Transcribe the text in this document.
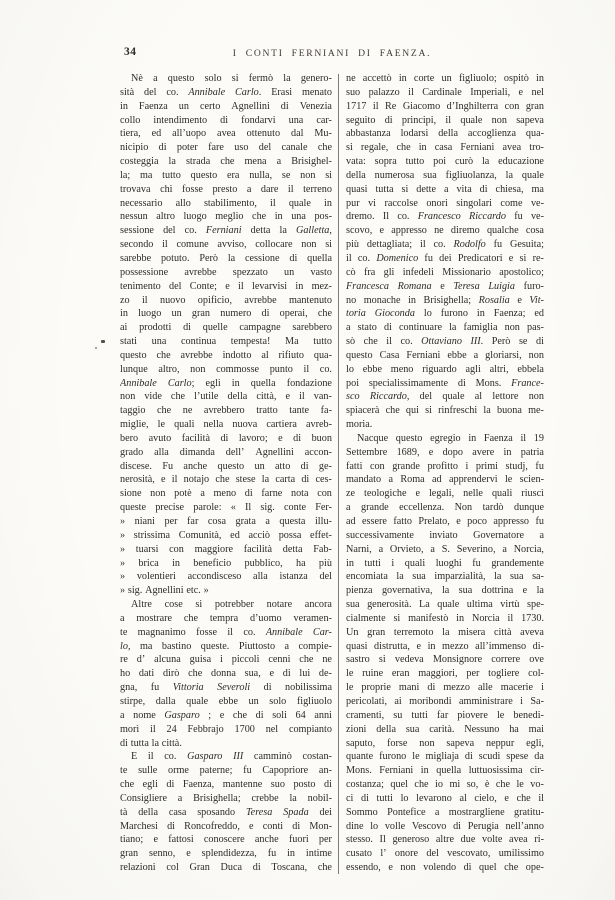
34	I CONTI FERNIANI DI FAENZA.
Nè a questo solo si fermò la genero-
sità del co. Annibale Carlo. Erasi menato
in Faenza un certo Agnellini di Venezia
collo intendimento di fondarvi una car-
tiera, ed all’uopo avea ottenuto dal Mu-
nicipio di poter fare uso del canale che
costeggia la strada che mena a Brisighel-
la; ma tutto questo era nulla, se non si
trovava chi fosse presto a dare il terreno
necessario allo stabilimento, il quale in
nessun altro luogo meglio che in una pos-
sessione del co. Ferniani detta la Galletta,
secondo il comune avviso, collocare non si
sarebbe potuto. Però la cessione di quella
possessione avrebbe spezzato un vasto
tenimento del Conte; e il levarvisi in mez-
zo il nuovo opificio, avrebbe mantenuto
in luogo un gran numero di operai, che
ai prodotti di quelle campagne sarebbero
stati una continua tempesta! Ma tutto
questo che avrebbe indotto al rifiuto qua-
lunque altro, non commosse punto il co.
Annibale Carlo; egli in quella fondazione
non vide che l’utile della città, e il van-
taggio che ne avrebbero tratto tante fa-
miglie, le quali nella nuova cartiera avreb-
bero avuto facilità di lavoro; e di buon
grado alla dimanda dell’ Agnellini accon-
discese. Fu anche questo un atto di ge-
nerosità, e il notajo che stese la carta di ces-
sione non potè a meno di farne nota con
queste precise parole: « Il sig. conte Fer-
» niani per far cosa grata a questa illu-
» strissima Comunità, ed acciò possa effet-
» tuarsi con maggiore facilità detta Fab-
» brica in beneficio pubblico, ha più
» volentieri accondisceso alla istanza del
» sig. Agnellini etc. »
Altre cose si potrebber notare ancora
a mostrare che tempra d’uomo veramen-
te magnanimo fosse il co. Annibale Car-
lo, ma bastino queste. Piuttosto a compie-
re d’ alcuna guisa i piccoli cenni che ne
ho dati dirò che donna sua, e di lui de-
gna, fu Vittoria Severoli di nobilissima
stirpe, dalla quale ebbe un solo figliuolo
a nome Gasparo ; e che di soli 64 anni
morì il 24 Febbrajo 1700 nel compianto
di tutta la città.
E il co. Gasparo III camminò costan-
te sulle orme paterne; fu Capopriore an-
che egli di Faenza, mantenne suo posto di
Consigliere a Brisighella; crebbe la nobil-
tà della casa sposando Teresa Spada dei
Marchesi di Roncofreddo, e conti di Mon-
tiano; e fattosi conoscere anche fuori per
gran senno, e splendidezza, fu in intime
relazioni col Gran Duca di Toscana, che
ne accettò in corte un figliuolo; ospitò in
suo palazzo il Cardinale Imperiali, e nel
1717 il Re Giacomo d’Inghilterra con gran
seguito di principi, il quale non sapeva
abbastanza lodarsi della accoglienza qua-
si regale, che in casa Ferniani avea tro-
vata: sopra tutto poi curò la educazione
della numerosa sua figliuolanza, la quale
quasi tutta si dette a vita di chiesa, ma
pur vi raccolse onori singolari come ve-
dremo. Il co. Francesco Riccardo fu ve-
scovo, e appresso ne diremo qualche cosa
più dettagliata; il co. Rodolfo fu Gesuita;
il co. Domenico fu dei Predicatori e si re-
cò fra gli infedeli Missionario apostolico;
Francesca Romana e Teresa Luigia furo-
no monache in Brisighella; Rosalia e Vit-
toria Gioconda lo furono in Faenza; ed
a stato di continuare la famiglia non pas-
sò che il co. Ottaviano III. Però se di
questo Casa Ferniani ebbe a gloriarsi, non
lo ebbe meno riguardo agli altri, ebbela
poi specialissimamente di Mons. France-
sco Riccardo, del quale al lettore non
spiacerà che qui si rinfreschi la buona me-
moria.
Nacque questo egregio in Faenza il 19
Settembre 1689, e dopo avere in patria
fatti con grande profitto i primi studj, fu
mandato a Roma ad apprendervi le scien-
ze teologiche e legali, nelle quali riuscì
a grande eccellenza. Non tardò dunque
ad essere fatto Prelato, e poco appresso fu
successivamente inviato Governatore a
Narni, a Orvieto, a S. Severino, a Norcia,
in tutti i quali luoghi fu grandemente
encomiata la sua imparzialità, la sua sa-
pienza governativa, la sua dottrina e la
sua generosità. La quale ultima virtù spe-
cialmente si manifestò in Norcia il 1730.
Un gran terremoto la misera città aveva
quasi distrutta, e in mezzo all’immenso di-
sastro si vedeva Monsignore correre ove
le ruine eran maggiori, per togliere col-
le proprie mani di mezzo alle macerie i
pericolati, ai moribondi amministrare i Sa-
cramenti, su tutti far piovere le benedi-
zioni della sua carità. Nessuno ha mai
saputo, forse non sapeva neppur egli,
quante furono le migliaja di scudi spese da
Mons. Ferniani in quella luttuosissima cir-
costanza; quel che io mi so, è che le vo-
ci di tutti lo levarono al cielo, e che il
Sommo Pontefice a mostrargliene gratitu-
dine lo volle Vescovo di Perugia nell’anno
stesso. Il generoso altre due volte avea ri-
cusato l’ onore del vescovato, umilissimo
essendo, e non volendo di quel che ope-
